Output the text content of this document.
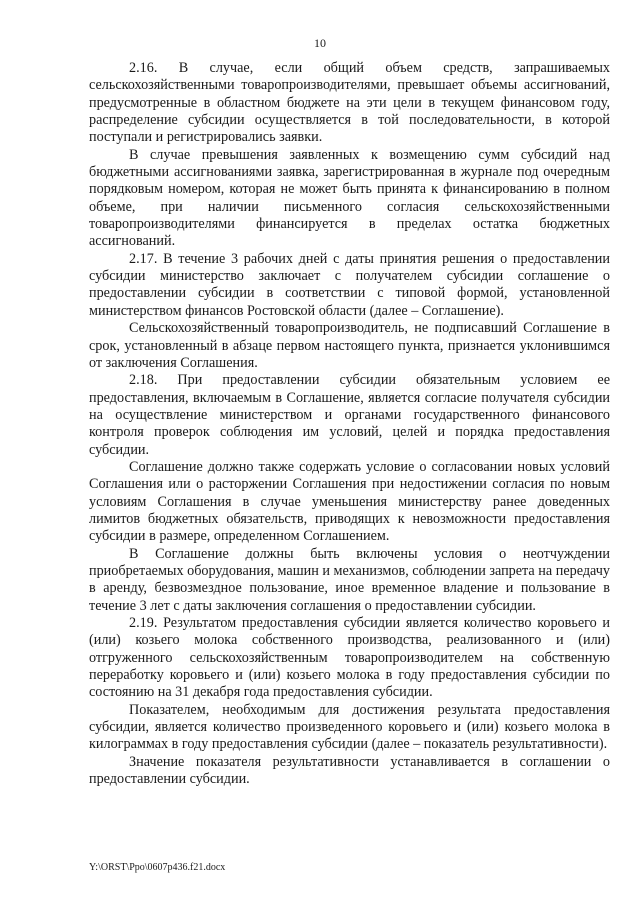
10

2.16. В случае, если общий объем средств, запрашиваемых сельскохозяйственными товаропроизводителями, превышает объемы ассигнований, предусмотренные в областном бюджете на эти цели в текущем финансовом году, распределение субсидии осуществляется в той последовательности, в которой поступали и регистрировались заявки.

В случае превышения заявленных к возмещению сумм субсидий над бюджетными ассигнованиями заявка, зарегистрированная в журнале под очередным порядковым номером, которая не может быть принята к финансированию в полном объеме, при наличии письменного согласия сельскохозяйственными товаропроизводителями финансируется в пределах остатка бюджетных ассигнований.

2.17. В течение 3 рабочих дней с даты принятия решения о предоставлении субсидии министерство заключает с получателем субсидии соглашение о предоставлении субсидии в соответствии с типовой формой, установленной министерством финансов Ростовской области (далее – Соглашение).

Сельскохозяйственный товаропроизводитель, не подписавший Соглашение в срок, установленный в абзаце первом настоящего пункта, признается уклонившимся от заключения Соглашения.

2.18. При предоставлении субсидии обязательным условием ее предоставления, включаемым в Соглашение, является согласие получателя субсидии на осуществление министерством и органами государственного финансового контроля проверок соблюдения им условий, целей и порядка предоставления субсидии.

Соглашение должно также содержать условие о согласовании новых условий Соглашения или о расторжении Соглашения при недостижении согласия по новым условиям Соглашения в случае уменьшения министерству ранее доведенных лимитов бюджетных обязательств, приводящих к невозможности предоставления субсидии в размере, определенном Соглашением.

В Соглашение должны быть включены условия о неотчуждении приобретаемых оборудования, машин и механизмов, соблюдении запрета на передачу в аренду, безвозмездное пользование, иное временное владение и пользование в течение 3 лет с даты заключения соглашения о предоставлении субсидии.

2.19. Результатом предоставления субсидии является количество коровьего и (или) козьего молока собственного производства, реализованного и (или) отгруженного сельскохозяйственным товаропроизводителем на собственную переработку коровьего и (или) козьего молока в году предоставления субсидии по состоянию на 31 декабря года предоставления субсидии.

Показателем, необходимым для достижения результата предоставления субсидии, является количество произведенного коровьего и (или) козьего молока в килограммах в году предоставления субсидии (далее – показатель результативности).

Значение показателя результативности устанавливается в соглашении о предоставлении субсидии.

Y:\ORST\Ppo\0607p436.f21.docx
